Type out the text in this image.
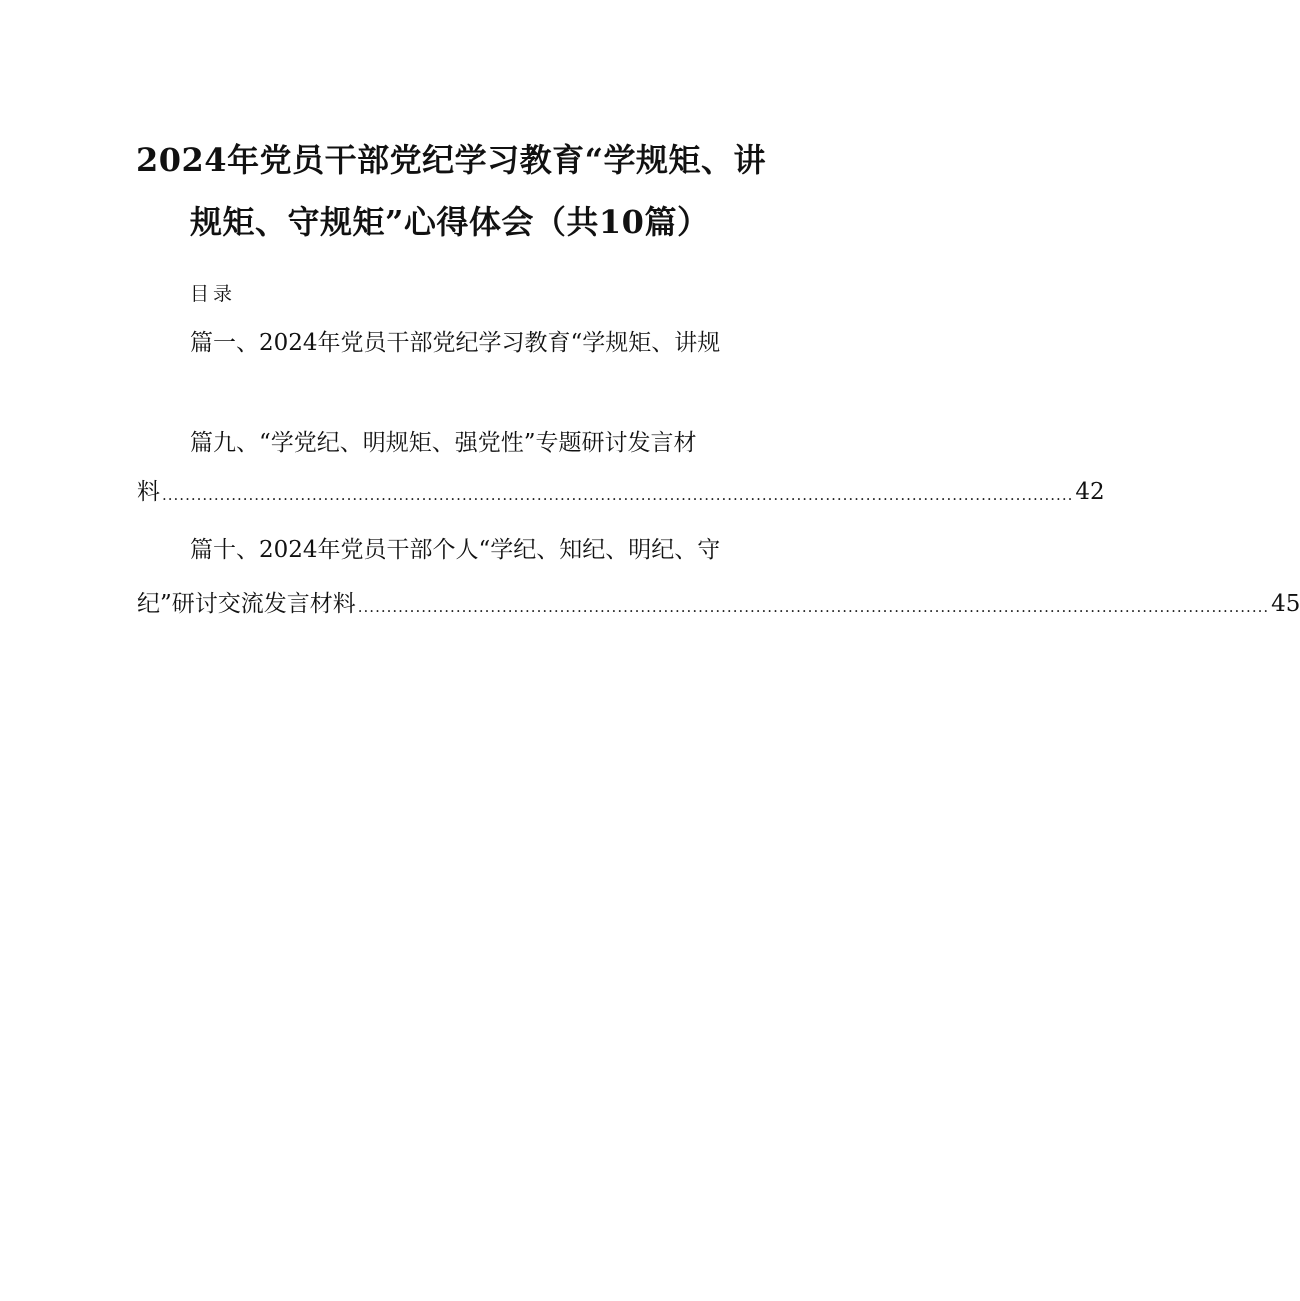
2024年党员干部党纪学习教育“学规矩、讲
规矩、守规矩”心得体会（共10篇）
目录
篇一、2024年党员干部党纪学习教育“学规矩、讲规
篇九、“学党纪、明规矩、强党性”专题研讨发言材
料 .............................................................................................................................................................. 42
篇十、2024年党员干部个人“学纪、知纪、明纪、守
纪”研讨交流发言材料 .............................................................................................................................................................. 45
